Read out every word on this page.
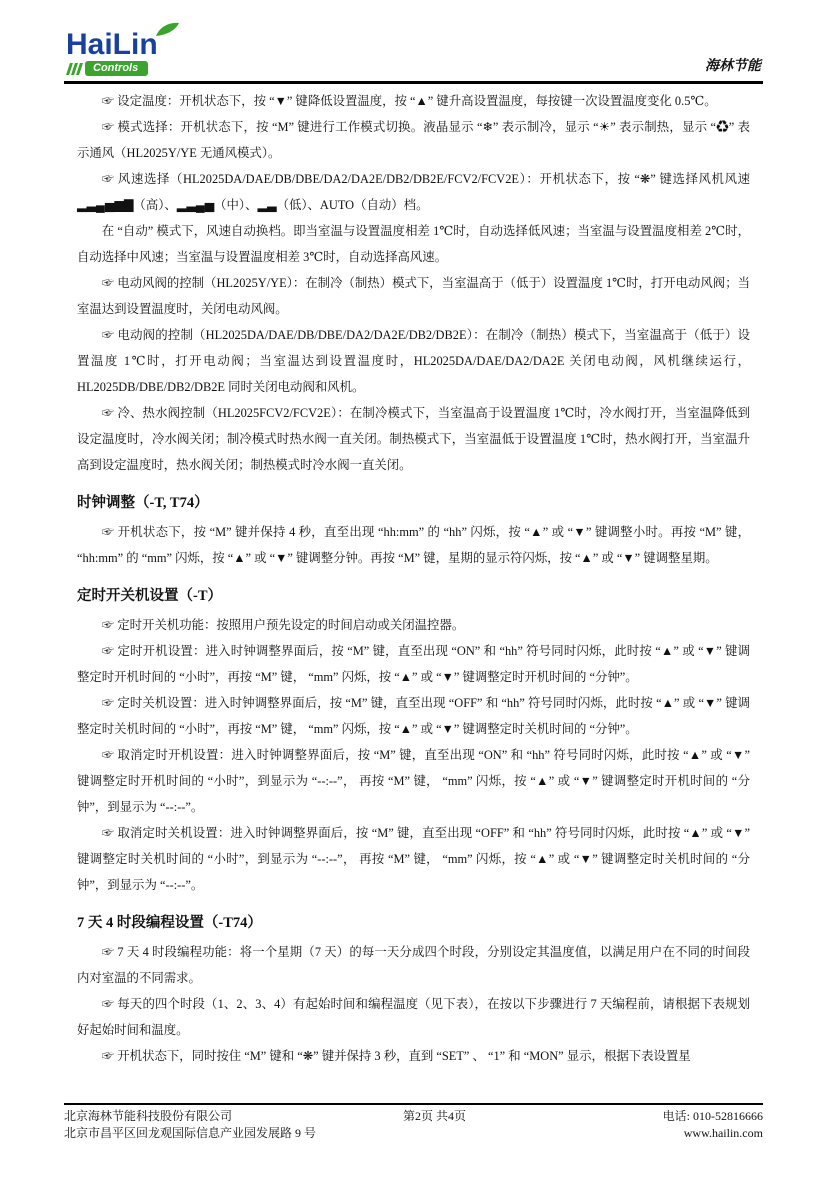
HaiLin
Controls	海林节能

☞ 设定温度：开机状态下，按 “▼” 键降低设置温度，按 “▲” 键升高设置温度，每按键一次设置温度变化 0.5℃。

☞ 模式选择：开机状态下，按 “M” 键进行工作模式切换。液晶显示 “❄” 表示制冷，显示 “☀” 表示制热，显示 “♻” 表示通风（HL2025Y/YE 无通风模式）。

☞ 风速选择（HL2025DA/DAE/DB/DBE/DA2/DA2E/DB2/DB2E/FCV2/FCV2E）：开机状态下，按 “❋” 键选择风机风速 ▂▃▄▅▆▇（高）、▂▃▄▅（中）、▂▃（低）、AUTO（自动）档。

在 “自动” 模式下，风速自动换档。即当室温与设置温度相差 1℃时，自动选择低风速；当室温与设置温度相差 2℃时，自动选择中风速；当室温与设置温度相差 3℃时，自动选择高风速。

☞ 电动风阀的控制（HL2025Y/YE）：在制冷（制热）模式下，当室温高于（低于）设置温度 1℃时，打开电动风阀；当室温达到设置温度时，关闭电动风阀。

☞ 电动阀的控制（HL2025DA/DAE/DB/DBE/DA2/DA2E/DB2/DB2E）：在制冷（制热）模式下，当室温高于（低于）设置温度 1℃时，打开电动阀；当室温达到设置温度时，HL2025DA/DAE/DA2/DA2E 关闭电动阀，风机继续运行，HL2025DB/DBE/DB2/DB2E 同时关闭电动阀和风机。

☞ 冷、热水阀控制（HL2025FCV2/FCV2E）：在制冷模式下，当室温高于设置温度 1℃时，冷水阀打开，当室温降低到设定温度时，冷水阀关闭；制冷模式时热水阀一直关闭。制热模式下，当室温低于设置温度 1℃时，热水阀打开，当室温升高到设定温度时，热水阀关闭；制热模式时冷水阀一直关闭。

时钟调整（-T, T74）

☞ 开机状态下，按 “M” 键并保持 4 秒，直至出现 “hh:mm” 的 “hh” 闪烁，按 “▲” 或 “▼” 键调整小时。再按 “M” 键， “hh:mm” 的 “mm” 闪烁，按 “▲” 或 “▼” 键调整分钟。再按 “M” 键，星期的显示符闪烁，按 “▲” 或 “▼” 键调整星期。

定时开关机设置（-T）

☞ 定时开关机功能：按照用户预先设定的时间启动或关闭温控器。

☞ 定时开机设置：进入时钟调整界面后，按 “M” 键，直至出现 “ON” 和 “hh” 符号同时闪烁，此时按 “▲” 或 “▼” 键调整定时开机时间的 “小时”，再按 “M” 键， “mm” 闪烁，按 “▲” 或 “▼” 键调整定时开机时间的 “分钟”。

☞ 定时关机设置：进入时钟调整界面后，按 “M” 键，直至出现 “OFF” 和 “hh” 符号同时闪烁，此时按 “▲” 或 “▼” 键调整定时关机时间的 “小时”，再按 “M” 键， “mm” 闪烁，按 “▲” 或 “▼” 键调整定时关机时间的 “分钟”。

☞ 取消定时开机设置：进入时钟调整界面后，按 “M” 键，直至出现 “ON” 和 “hh” 符号同时闪烁，此时按 “▲” 或 “▼” 键调整定时开机时间的 “小时”，到显示为 “--:--”， 再按 “M” 键， “mm” 闪烁，按 “▲” 或 “▼” 键调整定时开机时间的 “分钟”，到显示为 “--:--”。

☞ 取消定时关机设置：进入时钟调整界面后，按 “M” 键，直至出现 “OFF” 和 “hh” 符号同时闪烁，此时按 “▲” 或 “▼” 键调整定时关机时间的 “小时”，到显示为 “--:--”， 再按 “M” 键， “mm” 闪烁，按 “▲” 或 “▼” 键调整定时关机时间的 “分钟”，到显示为 “--:--”。

7 天 4 时段编程设置（-T74）

☞ 7 天 4 时段编程功能：将一个星期（7 天）的每一天分成四个时段，分别设定其温度值，以满足用户在不同的时间段内对室温的不同需求。

☞ 每天的四个时段（1、2、3、4）有起始时间和编程温度（见下表），在按以下步骤进行 7 天编程前，请根据下表规划好起始时间和温度。

☞ 开机状态下，同时按住 “M” 键和 “❋” 键并保持 3 秒，直到 “SET” 、 “1” 和 “MON” 显示，根据下表设置星

北京海林节能科技股份有限公司
北京市昌平区回龙观国际信息产业园发展路 9 号
第2页 共4页	电话: 010-52816666
www.hailin.com
